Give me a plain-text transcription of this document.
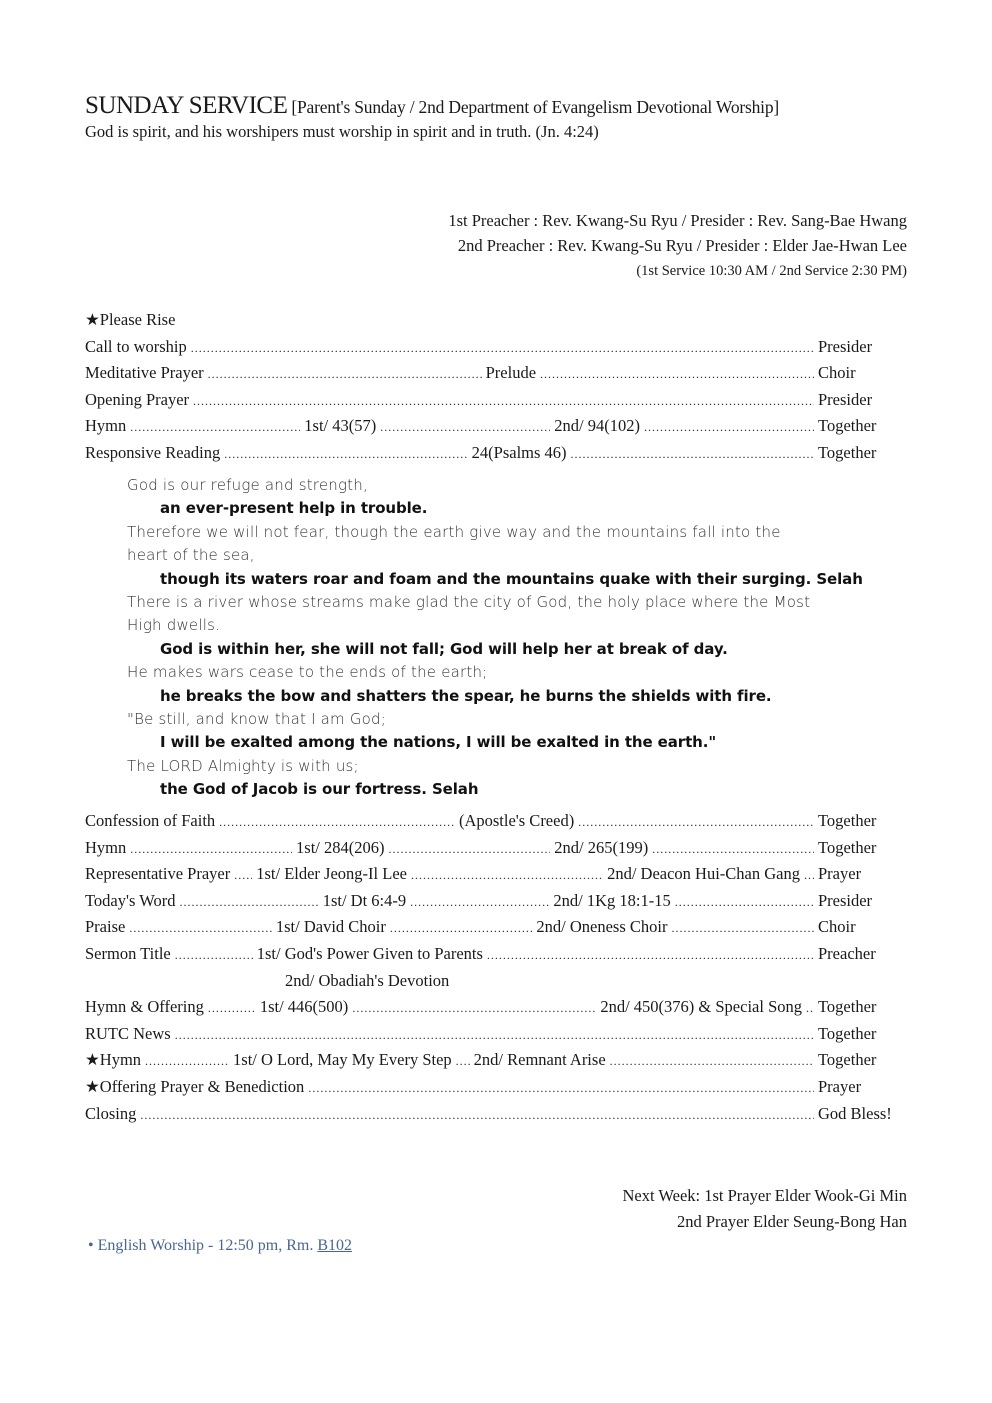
SUNDAY SERVICE [Parent's Sunday / 2nd Department of Evangelism Devotional Worship]
God is spirit, and his worshipers must worship in spirit and in truth. (Jn. 4:24)
1st Preacher : Rev. Kwang-Su Ryu / Presider : Rev. Sang-Bae Hwang
2nd Preacher : Rev. Kwang-Su Ryu / Presider : Elder Jae-Hwan Lee
(1st Service 10:30 AM / 2nd Service 2:30 PM)
★Please Rise
Call to worship .....	Presider
Meditative Prayer .....	Prelude .....	Choir
Opening Prayer .....	Presider
Hymn .....	1st/ 43(57) .....	2nd/ 94(102) .....	Together
Responsive Reading .....	24(Psalms 46) .....	Together
God is our refuge and strength,
an ever-present help in trouble.
Therefore we will not fear, though the earth give way and the mountains fall into the
heart of the sea,
though its waters roar and foam and the mountains quake with their surging. Selah
There is a river whose streams make glad the city of God, the holy place where the Most
High dwells.
God is within her, she will not fall; God will help her at break of day.
He makes wars cease to the ends of the earth;
he breaks the bow and shatters the spear, he burns the shields with fire.
"Be still, and know that I am God;
I will be exalted among the nations, I will be exalted in the earth."
The LORD Almighty is with us;
the God of Jacob is our fortress. Selah
Confession of Faith .....	(Apostle's Creed) .....	Together
Hymn .....	1st/ 284(206) .....	2nd/ 265(199) .....	Together
Representative Prayer ..... 1st/ Elder Jeong-Il Lee .....	2nd/ Deacon Hui-Chan Gang ..... Prayer
Today's Word .....	1st/ Dt 6:4-9 .....	2nd/ 1Kg 18:1-15 .....	Presider
Praise .....	1st/ David Choir .....	2nd/ Oneness Choir .....	Choir
Sermon Title .....	1st/ God's Power Given to Parents .....	Preacher
2nd/ Obadiah's Devotion
Hymn & Offering .....	1st/ 446(500) .....	2nd/ 450(376) & Special Song ..... Together
RUTC News .....	Together
★Hymn .....	1st/ O Lord, May My Every Step ..... 2nd/ Remnant Arise .....	Together
★Offering Prayer & Benediction .....	Prayer
Closing .....	God Bless!
Next Week: 1st Prayer Elder Wook-Gi Min
2nd Prayer Elder Seung-Bong Han
• English Worship - 12:50 pm, Rm. B102
